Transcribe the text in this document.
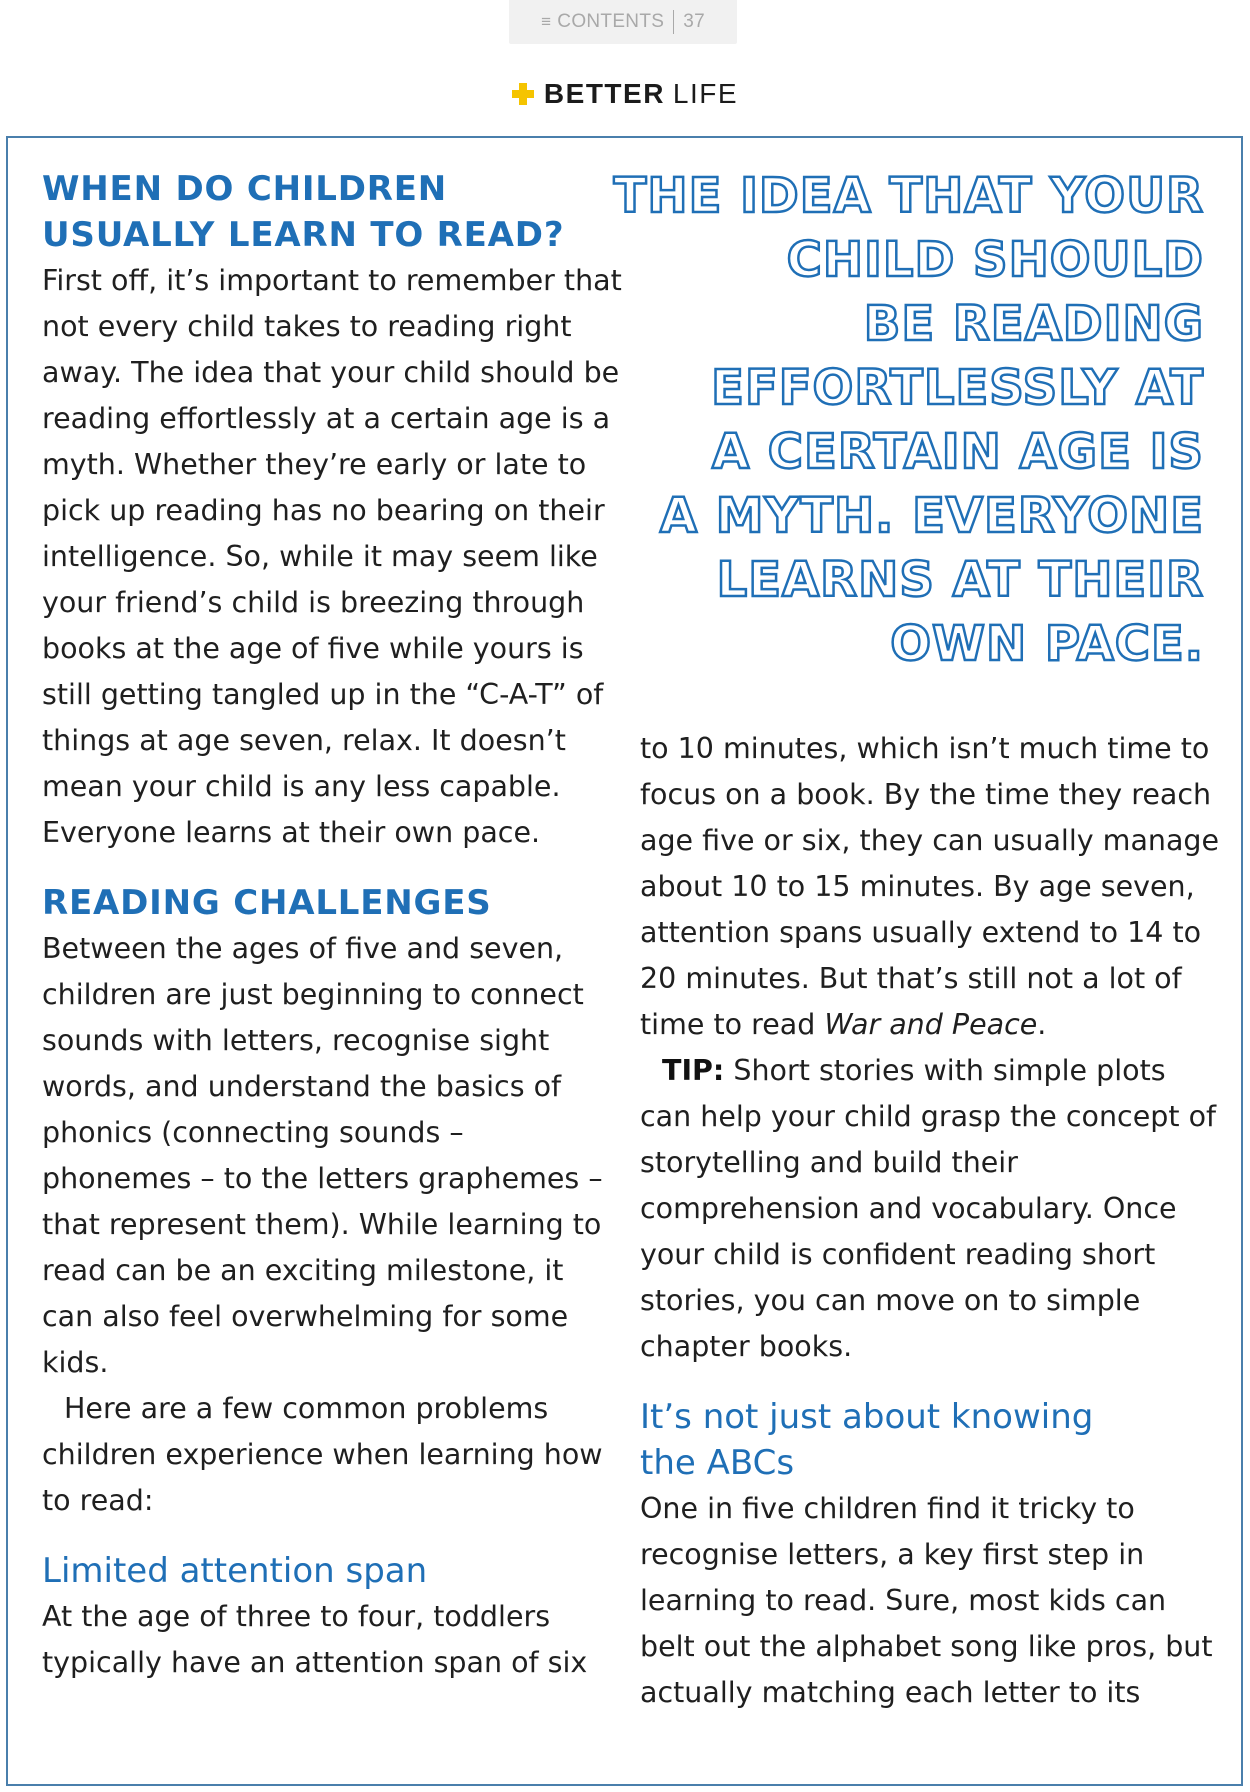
≡ CONTENTS 37
BETTER LIFE
WHEN DO CHILDREN
USUALLY LEARN TO READ?

First off, it’s important to remember that not every child takes to reading right away. The idea that your child should be reading effortlessly at a certain age is a myth. Whether they’re early or late to pick up reading has no bearing on their intelligence. So, while it may seem like your friend’s child is breezing through books at the age of five while yours is still getting tangled up in the “C-A-T” of things at age seven, relax. It doesn’t mean your child is any less capable. Everyone learns at their own pace.

READING CHALLENGES

Between the ages of five and seven, children are just beginning to connect sounds with letters, recognise sight words, and understand the basics of phonics (connecting sounds – phonemes – to the letters graphemes – that represent them). While learning to read can be an exciting milestone, it can also feel overwhelming for some kids.

Here are a few common problems children experience when learning how to read:

Limited attention span

At the age of three to four, toddlers typically have an attention span of six

THE IDEA THAT YOUR
CHILD SHOULD
BE READING
EFFORTLESSLY AT
A CERTAIN AGE IS
A MYTH. EVERYONE
LEARNS AT THEIR
OWN PACE.

to 10 minutes, which isn’t much time to focus on a book. By the time they reach age five or six, they can usually manage about 10 to 15 minutes. By age seven, attention spans usually extend to 14 to 20 minutes. But that’s still not a lot of time to read War and Peace.

TIP: Short stories with simple plots can help your child grasp the concept of storytelling and build their comprehension and vocabulary. Once your child is confident reading short stories, you can move on to simple chapter books.

It’s not just about knowing
the ABCs

One in five children find it tricky to recognise letters, a key first step in learning to read. Sure, most kids can belt out the alphabet song like pros, but actually matching each letter to its
